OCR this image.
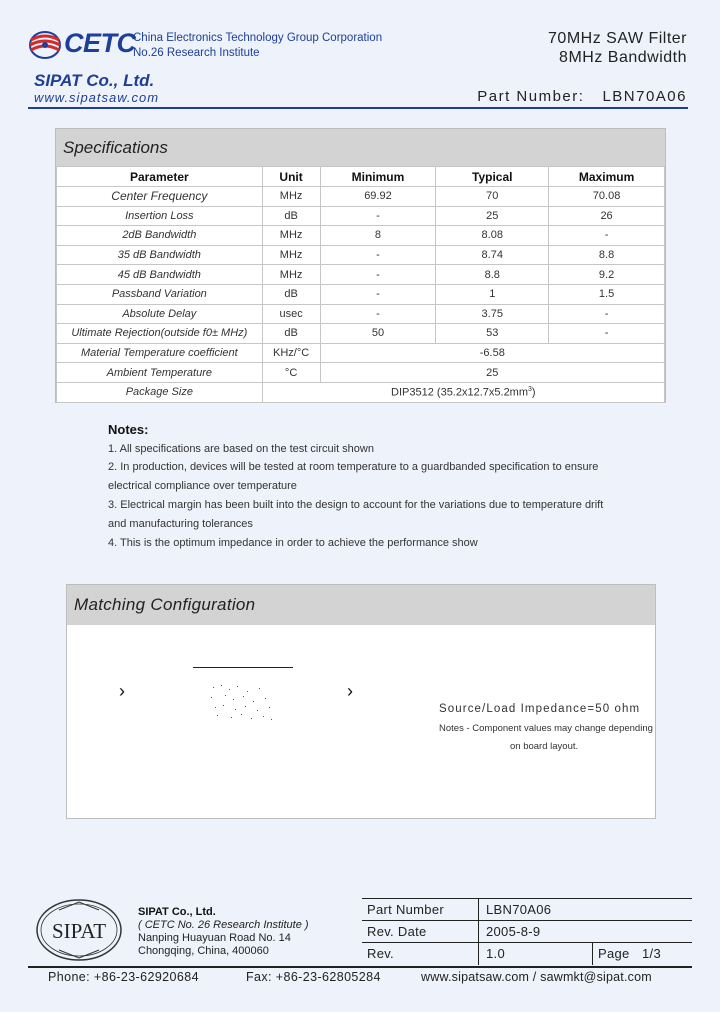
CETC
China Electronics Technology Group Corporation
No.26 Research Institute
SIPAT Co., Ltd.
www.sipatsaw.com
70MHz SAW Filter
8MHz Bandwidth
Part Number: LBN70A06
Specifications
Parameter	Unit	Minimum	Typical	Maximum
Center Frequency	MHz	69.92	70	70.08
Insertion Loss	dB	-	25	26
2dB Bandwidth	MHz	8	8.08	-
35 dB Bandwidth	MHz	-	8.74	8.8
45 dB Bandwidth	MHz	-	8.8	9.2
Passband Variation	dB	-	1	1.5
Absolute Delay	usec	-	3.75	-
Ultimate Rejection(outside f0± MHz)	dB	50	53	-
Material Temperature coefficient	KHz/°C	-6.58		
Ambient Temperature	°C	25		
Package Size	DIP3512 $(35.2x12.7x5.2mm^3)$			
Notes:
1. All specifications are based on the test circuit shown
2. In production, devices will be tested at room temperature to a guardbanded specification to ensure
electrical compliance over temperature
3. Electrical margin has been built into the design to account for the variations due to temperature drift
and manufacturing tolerances
4. This is the optimum impedance in order to achieve the performance show
Matching Configuration
›	›
Source/Load Impedance=50 ohm
Notes - Component values may change depending
on board layout.
SIPAT
SIPAT Co., Ltd.
( CETC No. 26 Research Institute )
Nanping Huayuan Road No. 14
Chongqing, China, 400060
Part Number	LBN70A06
Rev. Date	2005-8-9
Rev.	1.0	Page 1/3
Phone: +86-23-62920684	Fax: +86-23-62805284	www.sipatsaw.com / sawmkt@sipat.com
